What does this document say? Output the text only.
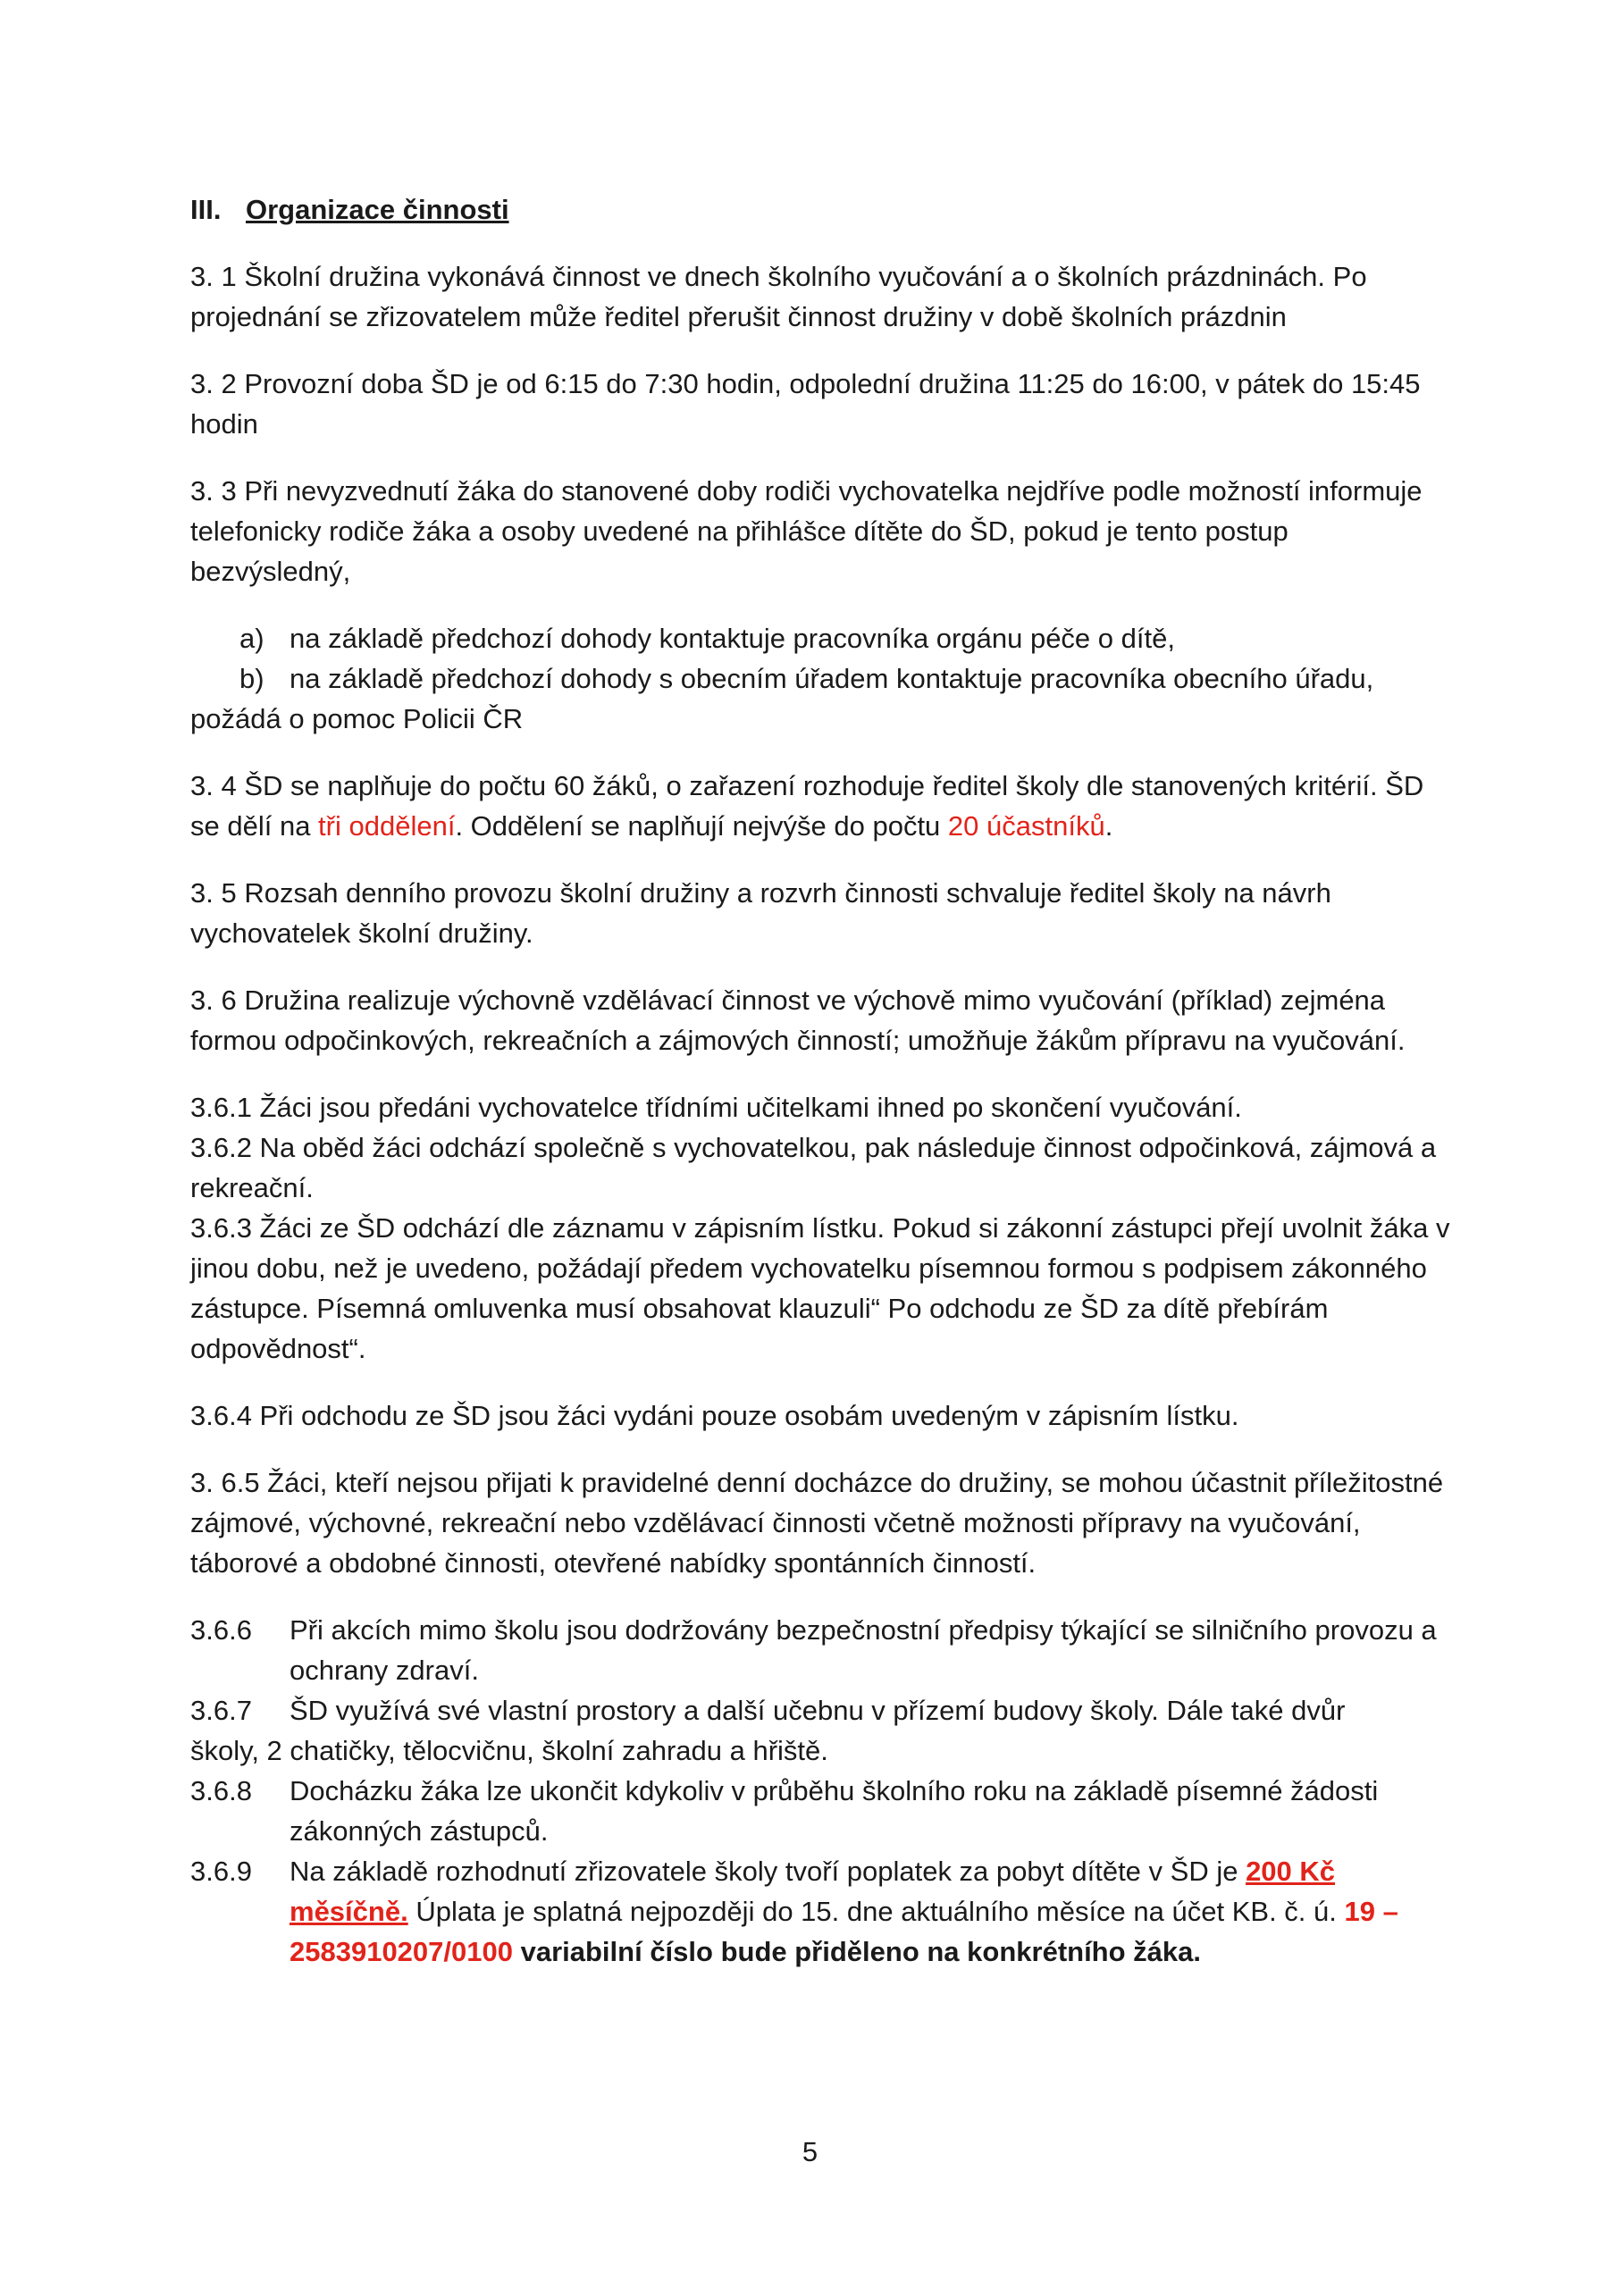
III. Organizace činnosti

3. 1 Školní družina vykonává činnost ve dnech školního vyučování a o školních prázdninách. Po projednání se zřizovatelem může ředitel přerušit činnost družiny v době školních prázdnin

3. 2 Provozní doba ŠD je od 6:15 do 7:30 hodin, odpolední družina 11:25 do 16:00, v pátek do 15:45 hodin

3. 3 Při nevyzvednutí žáka do stanovené doby rodiči vychovatelka nejdříve podle možností informuje telefonicky rodiče žáka a osoby uvedené na přihlášce dítěte do ŠD, pokud je tento postup bezvýsledný,

a) na základě předchozí dohody kontaktuje pracovníka orgánu péče o dítě,

b) na základě předchozí dohody s obecním úřadem kontaktuje pracovníka obecního úřadu,

požádá o pomoc Policii ČR

3. 4 ŠD se naplňuje do počtu 60 žáků, o zařazení rozhoduje ředitel školy dle stanovených kritérií. ŠD se dělí na tři oddělení. Oddělení se naplňují nejvýše do počtu 20 účastníků.

3. 5 Rozsah denního provozu školní družiny a rozvrh činnosti schvaluje ředitel školy na návrh vychovatelek školní družiny.

3. 6 Družina realizuje výchovně vzdělávací činnost ve výchově mimo vyučování (příklad) zejména formou odpočinkových, rekreačních a zájmových činností; umožňuje žákům přípravu na vyučování.

3.6.1 Žáci jsou předáni vychovatelce třídními učitelkami ihned po skončení vyučování.

3.6.2 Na oběd žáci odchází společně s vychovatelkou, pak následuje činnost odpočinková, zájmová a rekreační.

3.6.3 Žáci ze ŠD odchází dle záznamu v zápisním lístku. Pokud si zákonní zástupci přejí uvolnit žáka v jinou dobu, než je uvedeno, požádají předem vychovatelku písemnou formou s podpisem zákonného zástupce. Písemná omluvenka musí obsahovat klauzuli“ Po odchodu ze ŠD za dítě přebírám odpovědnost“.

3.6.4 Při odchodu ze ŠD jsou žáci vydáni pouze osobám uvedeným v zápisním lístku.

3. 6.5 Žáci, kteří nejsou přijati k pravidelné denní docházce do družiny, se mohou účastnit příležitostné zájmové, výchovné, rekreační nebo vzdělávací činnosti včetně možnosti přípravy na vyučování, táborové a obdobné činnosti, otevřené nabídky spontánních činností.

3.6.6	Při akcích mimo školu jsou dodržovány bezpečnostní předpisy týkající se silničního provozu a ochrany zdraví.

3.6.7	ŠD využívá své vlastní prostory a další učebnu v přízemí budovy školy. Dále také dvůr

školy, 2 chatičky, tělocvičnu, školní zahradu a hřiště.

3.6.8	Docházku žáka lze ukončit kdykoliv v průběhu školního roku na základě písemné žádosti zákonných zástupců.

3.6.9	Na základě rozhodnutí zřizovatele školy tvoří poplatek za pobyt dítěte v ŠD je 200 Kč měsíčně. Úplata je splatná nejpozději do 15. dne aktuálního měsíce na účet KB. č. ú. 19 – 2583910207/0100 variabilní číslo bude přiděleno na konkrétního žáka.

5
